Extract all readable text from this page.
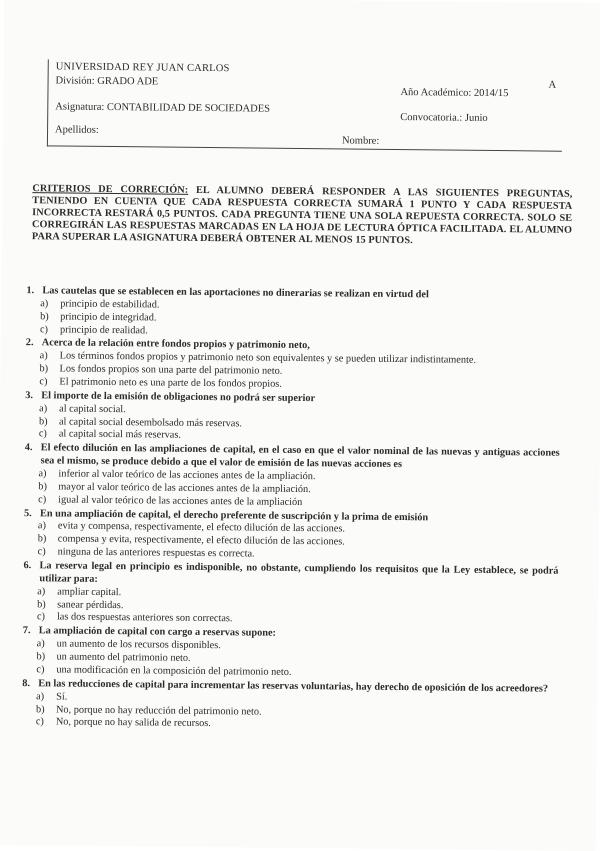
UNIVERSIDAD REY JUAN CARLOS
División: GRADO ADE
Año Académico: 2014/15
A
Asignatura: CONTABILIDAD DE SOCIEDADES
Convocatoria.: Junio
Apellidos:
Nombre:
CRITERIOS DE CORRECIÓN: EL ALUMNO DEBERÁ RESPONDER A LAS SIGUIENTES PREGUNTAS, TENIENDO EN CUENTA QUE CADA RESPUESTA CORRECTA SUMARÁ 1 PUNTO Y CADA RESPUESTA INCORRECTA RESTARÁ 0,5 PUNTOS. CADA PREGUNTA TIENE UNA SOLA REPUESTA CORRECTA. SOLO SE CORREGIRÁN LAS RESPUESTAS MARCADAS EN LA HOJA DE LECTURA ÓPTICA FACILITADA. EL ALUMNO PARA SUPERAR LA ASIGNATURA DEBERÁ OBTENER AL MENOS 15 PUNTOS.
1. Las cautelas que se establecen en las aportaciones no dinerarias se realizan en virtud del
a)	principio de estabilidad.
b)	principio de integridad.
c)	principio de realidad.
2. Acerca de la relación entre fondos propios y patrimonio neto,
a)	Los términos fondos propios y patrimonio neto son equivalentes y se pueden utilizar indistintamente.
b)	Los fondos propios son una parte del patrimonio neto.
c)	El patrimonio neto es una parte de los fondos propios.
3. El importe de la emisión de obligaciones no podrá ser superior
a)	al capital social.
b)	al capital social desembolsado más reservas.
c)	al capital social más reservas.
4. El efecto dilución en las ampliaciones de capital, en el caso en que el valor nominal de las nuevas y antiguas acciones sea el mismo, se produce debido a que el valor de emisión de las nuevas acciones es
a)	inferior al valor teórico de las acciones antes de la ampliación.
b)	mayor al valor teórico de las acciones antes de la ampliación.
c)	igual al valor teórico de las acciones antes de la ampliación
5. En una ampliación de capital, el derecho preferente de suscripción y la prima de emisión
a)	evita y compensa, respectivamente, el efecto dilución de las acciones.
b)	compensa y evita, respectivamente, el efecto dilución de las acciones.
c)	ninguna de las anteriores respuestas es correcta.
6. La reserva legal en principio es indisponible, no obstante, cumpliendo los requisitos que la Ley establece, se podrá utilizar para:
a)	ampliar capital.
b)	sanear pérdidas.
c)	las dos respuestas anteriores son correctas.
7. La ampliación de capital con cargo a reservas supone:
a)	un aumento de los recursos disponibles.
b)	un aumento del patrimonio neto.
c)	una modificación en la composición del patrimonio neto.
8. En las reducciones de capital para incrementar las reservas voluntarias, hay derecho de oposición de los acreedores?
a)	Sí.
b)	No, porque no hay reducción del patrimonio neto.
c)	No, porque no hay salida de recursos.
